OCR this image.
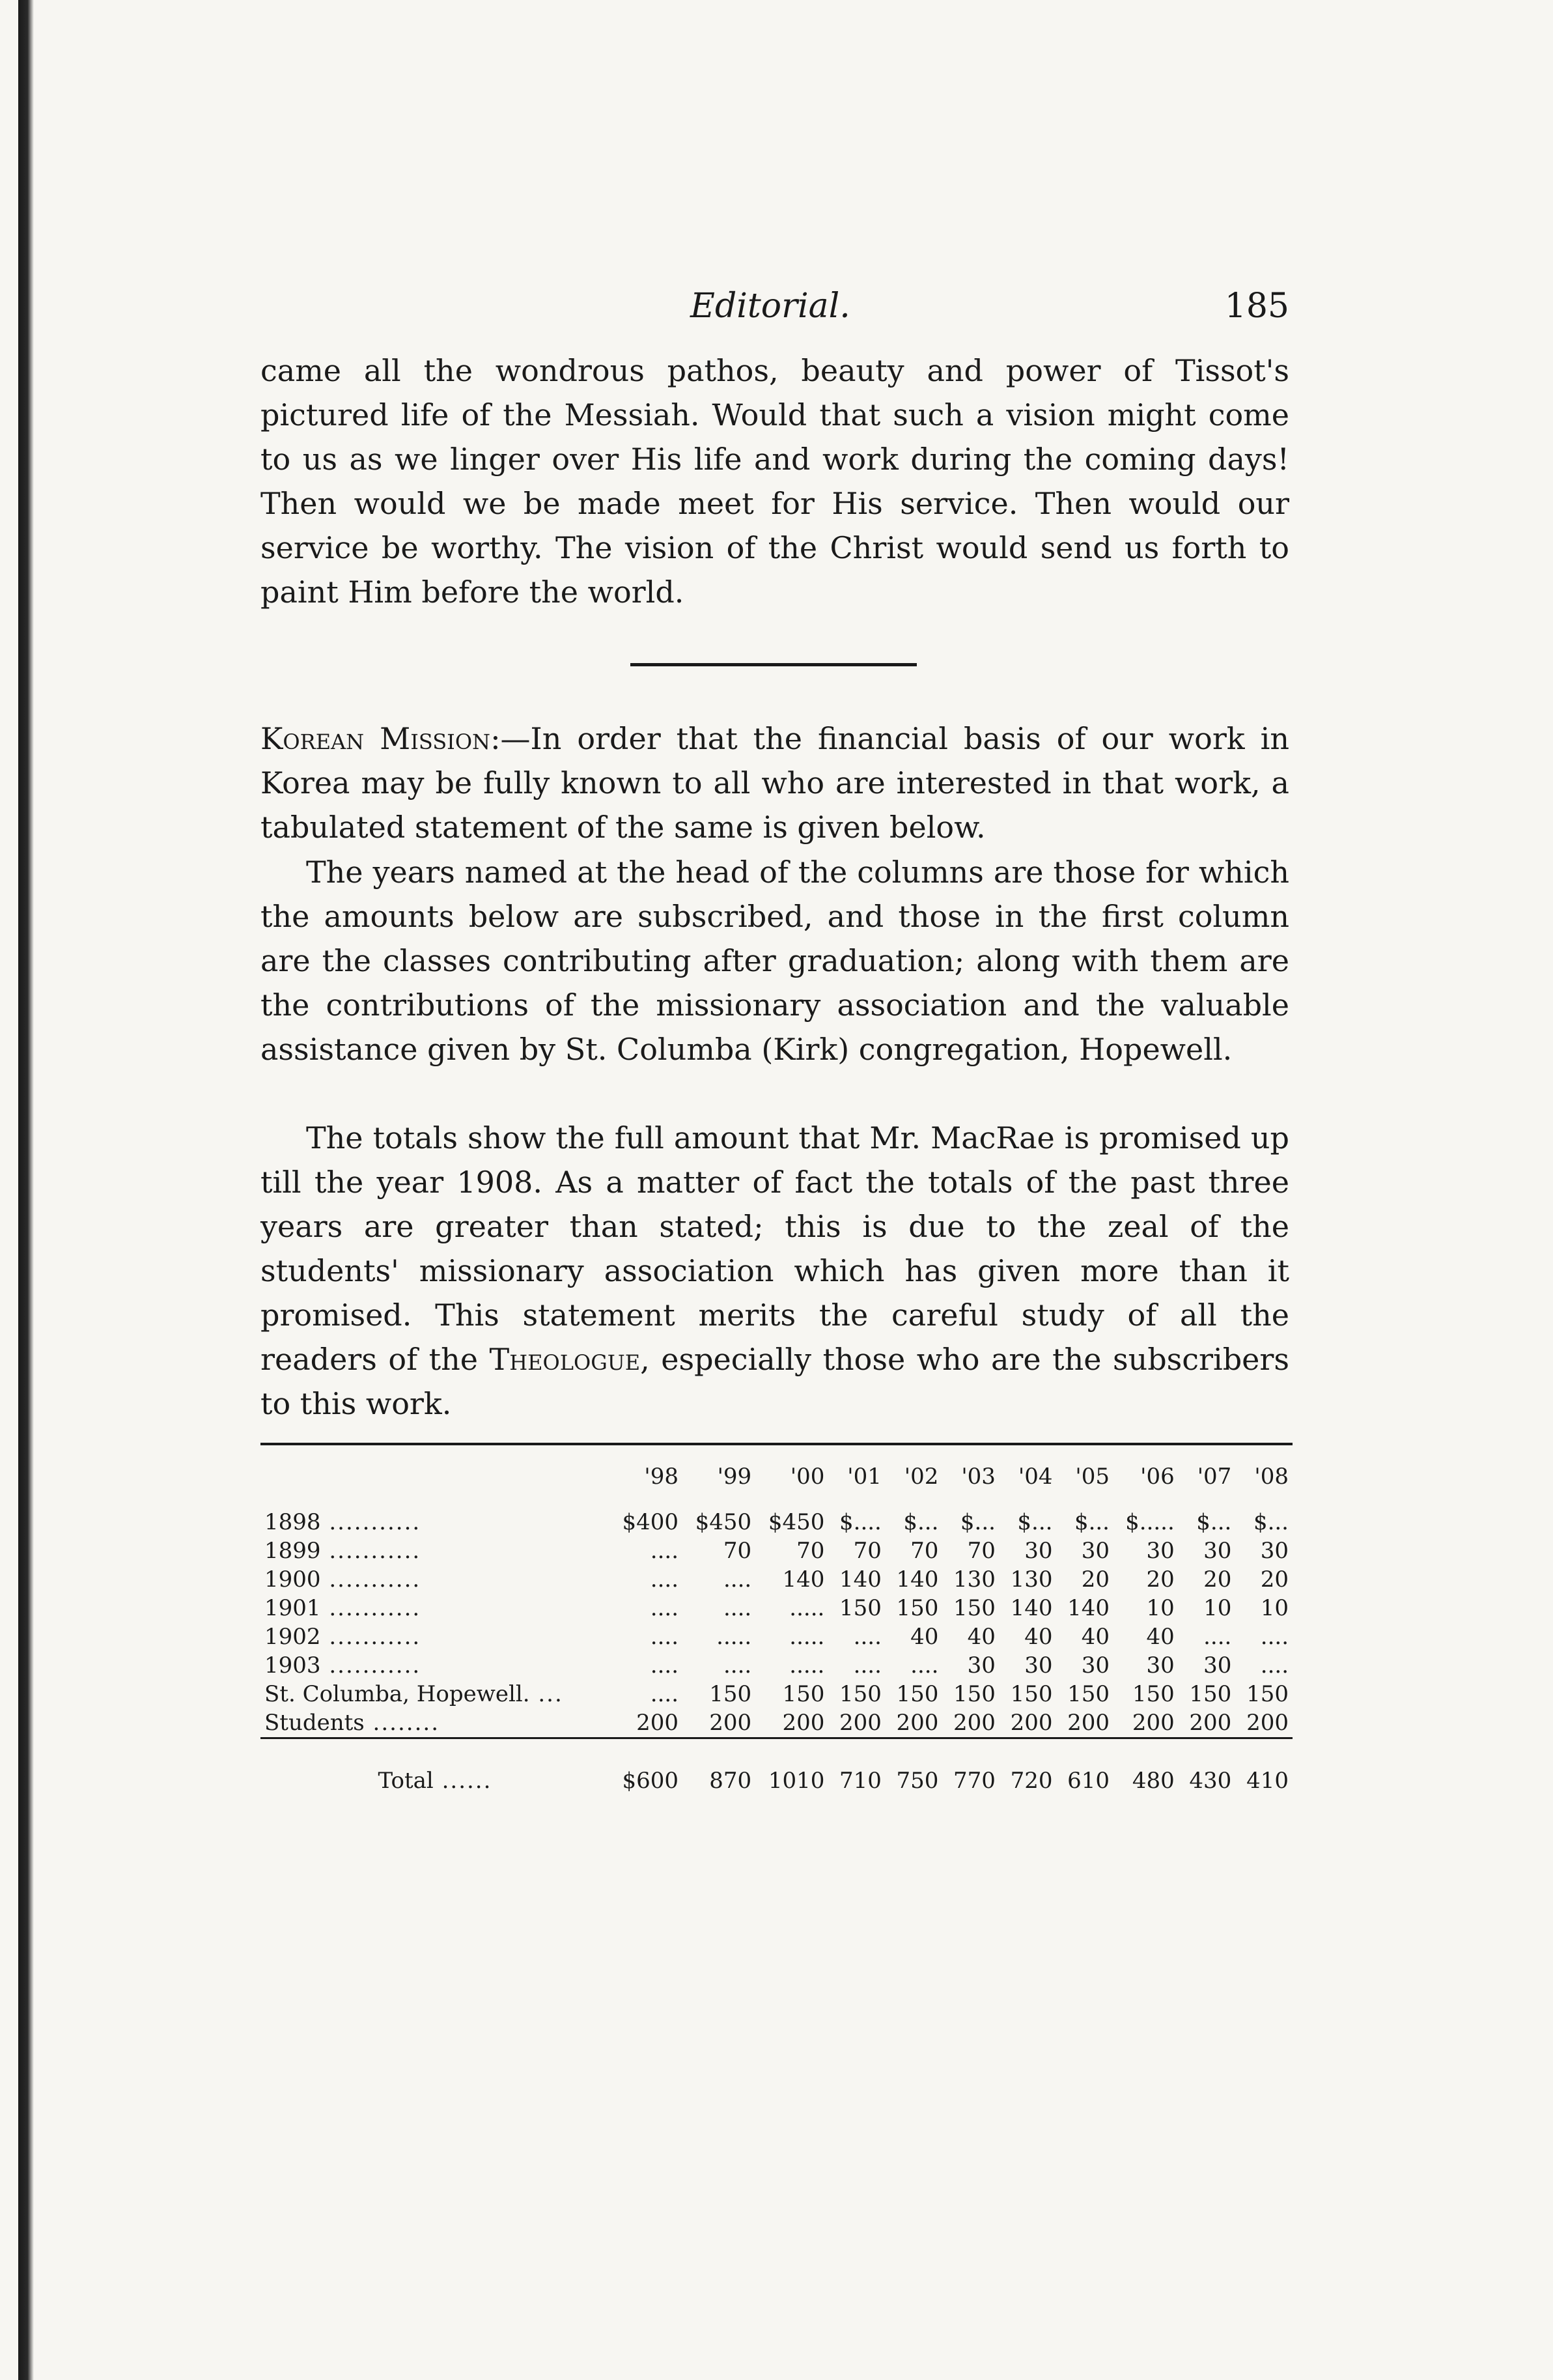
Editorial.	185

came all the wondrous pathos, beauty and power of Tissot's pictured life of the Messiah. Would that such a vision might come to us as we linger over His life and work during the coming days! Then would we be made meet for His service. Then would our service be worthy. The vision of the Christ would send us forth to paint Him before the world.

Korean Mission:—In order that the financial basis of our work in Korea may be fully known to all who are interested in that work, a tabulated statement of the same is given below.

The years named at the head of the columns are those for which the amounts below are subscribed, and those in the first column are the classes contributing after graduation; along with them are the contributions of the missionary association and the valuable assistance given by St. Columba (Kirk) congregation, Hopewell.

The totals show the full amount that Mr. MacRae is promised up till the year 1908. As a matter of fact the totals of the past three years are greater than stated; this is due to the zeal of the students' missionary association which has given more than it promised. This statement merits the careful study of all the readers of the Theologue, especially those who are the subscribers to this work.

	'98	'99	'00	'01	'02	'03	'04	'05	'06	'07	'08
1898 ...........	$400	$450	$450	$....	$...	$...	$...	$...	$.....	$...	$...
1899 ...........	....	70	70	70	70	70	30	30	30	30	30
1900 ...........	....	....	140	140	140	130	130	20	20	20	20
1901 ...........	....	....	.....	150	150	150	140	140	10	10	10
1902 ...........	....	.....	.....	....	40	40	40	40	40	....	....
1903 ...........	....	....	.....	....	....	30	30	30	30	30	....
St. Columba, Hopewell. ...	....	150	150	150	150	150	150	150	150	150	150
Students ........	200	200	200	200	200	200	200	200	200	200	200
Total ......	$600	870	1010	710	750	770	720	610	480	430	410
